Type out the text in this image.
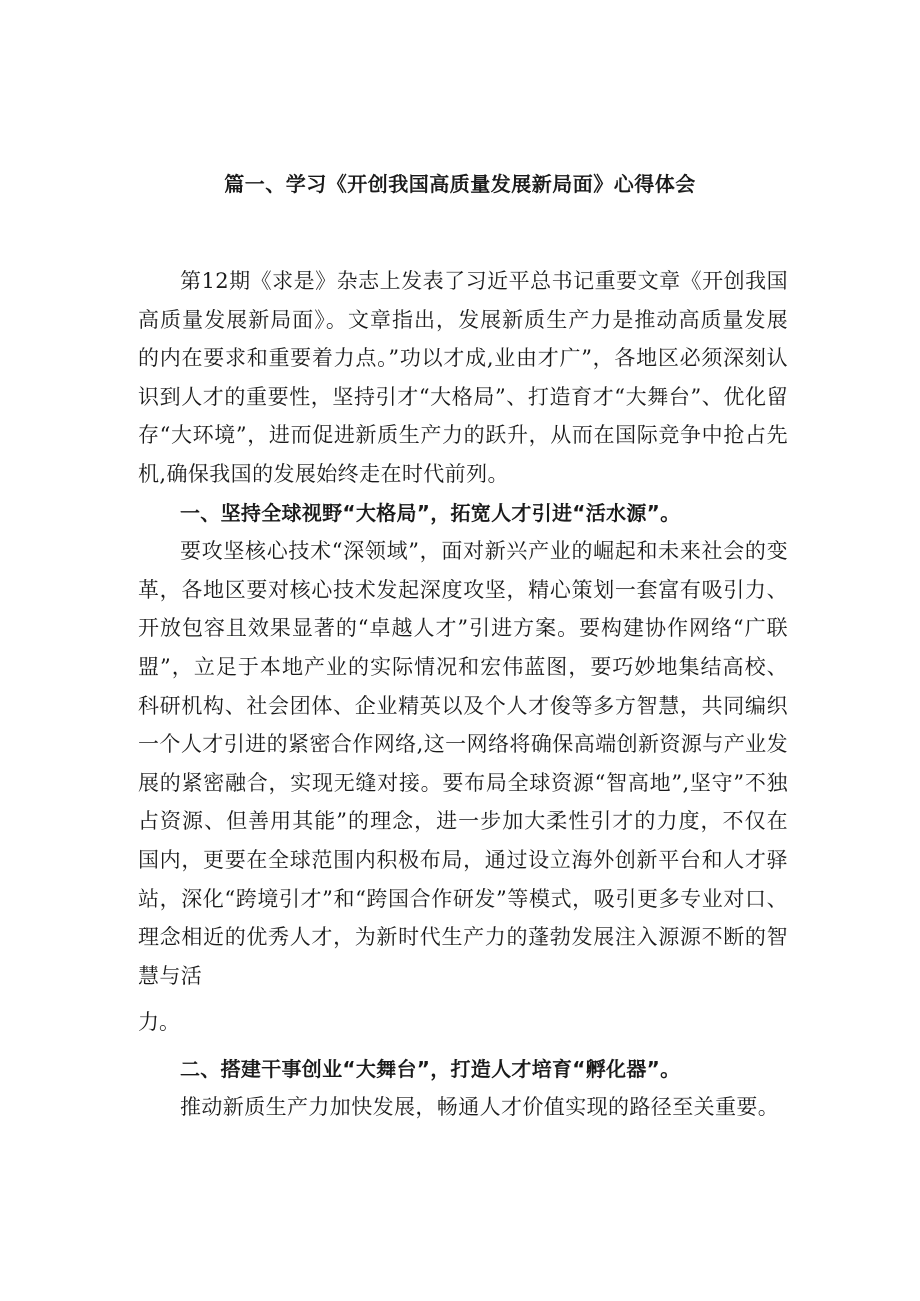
篇一、学习《开创我国高质量发展新局面》心得体会

第12期《求是》杂志上发表了习近平总书记重要文章《开创我国高质量发展新局面》。文章指出，发展新质生产力是推动高质量发展的内在要求和重要着力点。”功以才成,业由才广”，各地区必须深刻认识到人才的重要性，坚持引才“大格局”、打造育才“大舞台”、优化留存“大环境”，进而促进新质生产力的跃升，从而在国际竞争中抢占先机,确保我国的发展始终走在时代前列。

一、坚持全球视野“大格局”，拓宽人才引进“活水源”。

要攻坚核心技术“深领域”，面对新兴产业的崛起和未来社会的变革，各地区要对核心技术发起深度攻坚，精心策划一套富有吸引力、开放包容且效果显著的“卓越人才”引进方案。要构建协作网络“广联盟”，立足于本地产业的实际情况和宏伟蓝图，要巧妙地集结高校、科研机构、社会团体、企业精英以及个人才俊等多方智慧，共同编织一个人才引进的紧密合作网络,这一网络将确保高端创新资源与产业发展的紧密融合，实现无缝对接。要布局全球资源“智高地”,坚守”不独占资源、但善用其能”的理念，进一步加大柔性引才的力度，不仅在国内，更要在全球范围内积极布局，通过设立海外创新平台和人才驿站，深化“跨境引才”和“跨国合作研发”等模式，吸引更多专业对口、理念相近的优秀人才，为新时代生产力的蓬勃发展注入源源不断的智慧与活

力。

二、搭建干事创业“大舞台”，打造人才培育“孵化器”。

推动新质生产力加快发展，畅通人才价值实现的路径至关重要。
